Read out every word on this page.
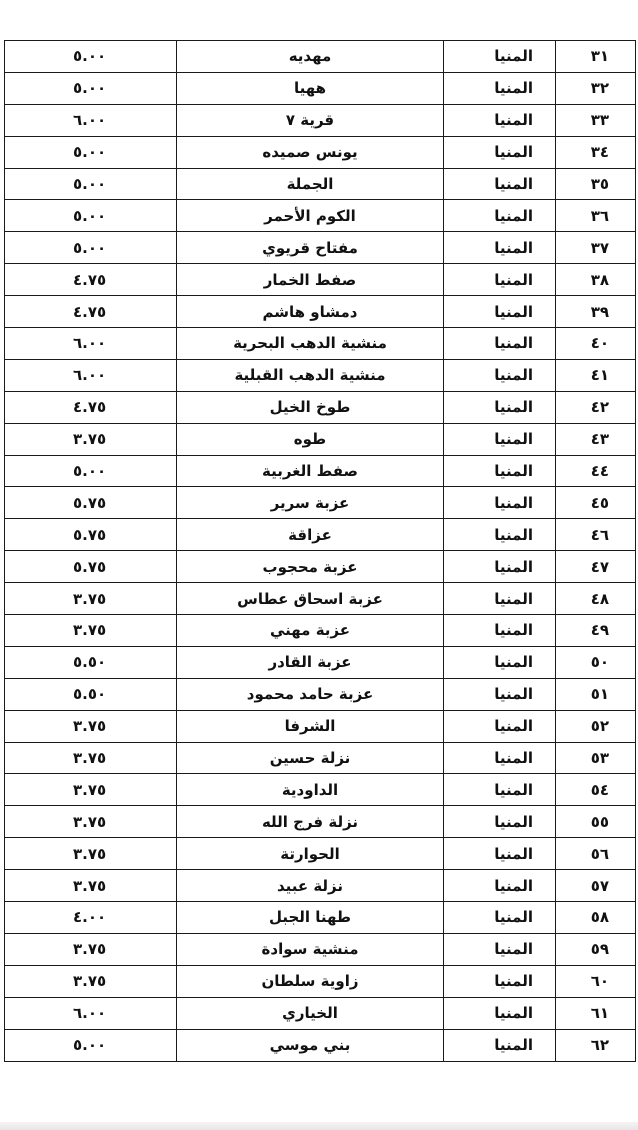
٣١	المنيا	مهديه	٥.٠٠
٣٢	المنيا	ههيا	٥.٠٠
٣٣	المنيا	قرية ٧	٦.٠٠
٣٤	المنيا	يونس صميده	٥.٠٠
٣٥	المنيا	الجملة	٥.٠٠
٣٦	المنيا	الكوم الأحمر	٥.٠٠
٣٧	المنيا	مفتاح قريوي	٥.٠٠
٣٨	المنيا	صفط الخمار	٤.٧٥
٣٩	المنيا	دمشاو هاشم	٤.٧٥
٤٠	المنيا	منشية الدهب البحرية	٦.٠٠
٤١	المنيا	منشية الدهب القبلية	٦.٠٠
٤٢	المنيا	طوخ الخيل	٤.٧٥
٤٣	المنيا	طوه	٣.٧٥
٤٤	المنيا	صفط الغربية	٥.٠٠
٤٥	المنيا	عزبة سرير	٥.٧٥
٤٦	المنيا	عزاقة	٥.٧٥
٤٧	المنيا	عزبة محجوب	٥.٧٥
٤٨	المنيا	عزبة اسحاق عطاس	٣.٧٥
٤٩	المنيا	عزبة مهني	٣.٧٥
٥٠	المنيا	عزبة القادر	٥.٥٠
٥١	المنيا	عزبة حامد محمود	٥.٥٠
٥٢	المنيا	الشرفا	٣.٧٥
٥٣	المنيا	نزلة حسين	٣.٧٥
٥٤	المنيا	الداودية	٣.٧٥
٥٥	المنيا	نزلة فرج الله	٣.٧٥
٥٦	المنيا	الحوارتة	٣.٧٥
٥٧	المنيا	نزلة عبيد	٣.٧٥
٥٨	المنيا	طهنا الجبل	٤.٠٠
٥٩	المنيا	منشية سوادة	٣.٧٥
٦٠	المنيا	زاوية سلطان	٣.٧٥
٦١	المنيا	الخياري	٦.٠٠
٦٢	المنيا	بني موسي	٥.٠٠
